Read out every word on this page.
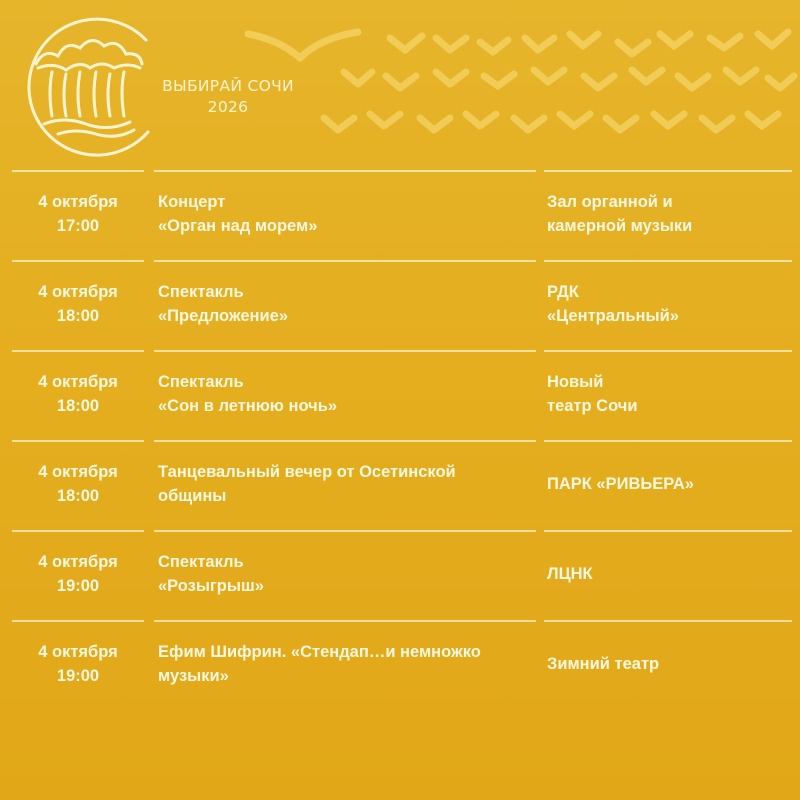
ВЫБИРАЙ СОЧИ
2026
4 октября
17:00
Концерт
«Орган над морем»
Зал органной и
камерной музыки
4 октября
18:00
Спектакль
«Предложение»
РДК
«Центральный»
4 октября
18:00
Спектакль
«Сон в летнюю ночь»
Новый
театр Сочи
4 октября
18:00
Танцевальный вечер от Осетинской
общины
ПАРК «РИВЬЕРА»
4 октября
19:00
Спектакль
«Розыгрыш»
ЛЦНК
4 октября
19:00
Ефим Шифрин. «Стендап…и немножко
музыки»
Зимний театр
